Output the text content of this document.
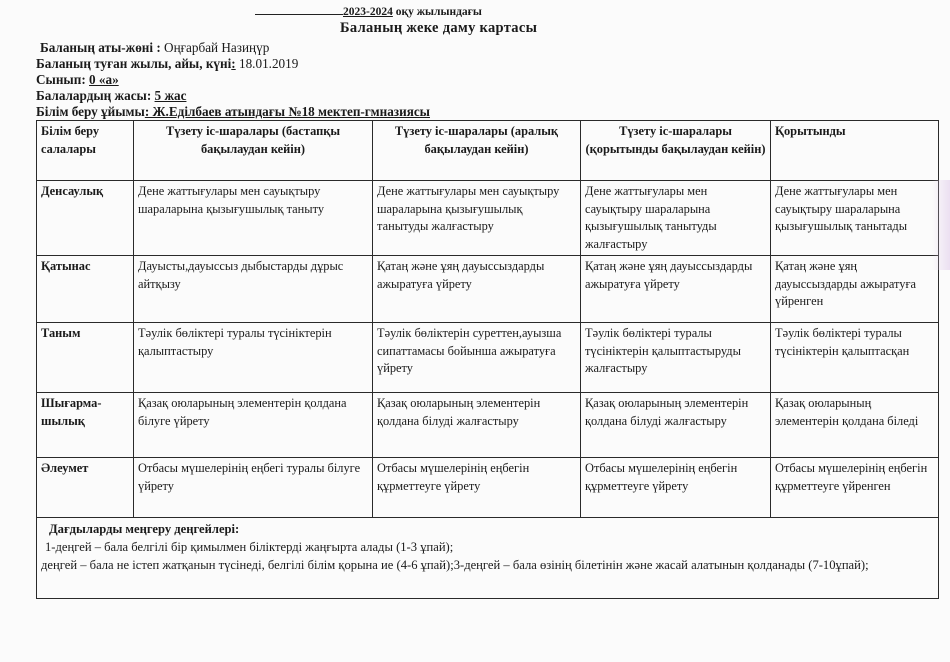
2023-2024 оқу жылындағы
Баланың жеке даму картасы
Баланың аты-жөні : Оңғарбай Назиңүр
Баланың туған жылы, айы, күні: 18.01.2019
Сынып: 0 «а»
Балалардың жасы: 5 жас
Білім беру ұйымы: Ж.Еділбаев атындағы №18 мектеп-гмназиясы
Білім беру салалары	Түзету іс-шаралары (бастапқы бақылаудан кейін)	Түзету іс-шаралары (аралық бақылаудан кейін)	Түзету іс-шаралары (қорытынды бақылаудан кейін)	Қорытынды
Денсаулық	Дене жаттығулары мен сауықтыру шараларына қызығушылық таныту	Дене жаттығулары мен сауықтыру шараларына қызығушылық танытуды жалғастыру	Дене жаттығулары мен сауықтыру шараларына қызығушылық танытуды жалғастыру	Дене жаттығулары мен сауықтыру шараларына қызығушылық танытады
Қатынас	Дауысты,дауыссыз дыбыстарды дұрыс айтқызу	Қатаң және ұяң дауыссыздарды ажыратуға үйрету	Қатаң және ұяң дауыссыздарды ажыратуға үйрету	Қатаң және ұяң дауыссыздарды ажыратуға үйренген
Таным	Тәулік бөліктері туралы түсініктерін қалыптастыру	Тәулік бөліктерін суреттен,ауызша сипаттамасы бойынша ажыратуға үйрету	Тәулік бөліктері туралы түсініктерін қалыптастыруды жалғастыру	Тәулік бөліктері туралы түсініктерін қалыптасқан
Шығарма-шылық	Қазақ оюларының элементерін қолдана білуге үйрету	Қазақ оюларының элементерін қолдана білуді жалғастыру	Қазақ оюларының элементерін қолдана білуді жалғастыру	Қазақ оюларының элементерін қолдана біледі
Әлеумет	Отбасы мүшелерінің еңбегі туралы білуге үйрету	Отбасы мүшелерінің еңбегін құрметтеуге үйрету	Отбасы мүшелерінің еңбегін құрметтеуге үйрету	Отбасы мүшелерінің еңбегін құрметтеуге үйренген

Дағдыларды меңгеру деңгейлері:
1-деңгей – бала белгілі бір қимылмен біліктерді жаңғырта алады (1-3 ұпай);
деңгей – бала не істеп жатқанын түсінеді, белгілі білім қорына ие (4-6 ұпай);3-деңгей – бала өзінің білетінін және жасай алатынын қолданады (7-10ұпай);				
